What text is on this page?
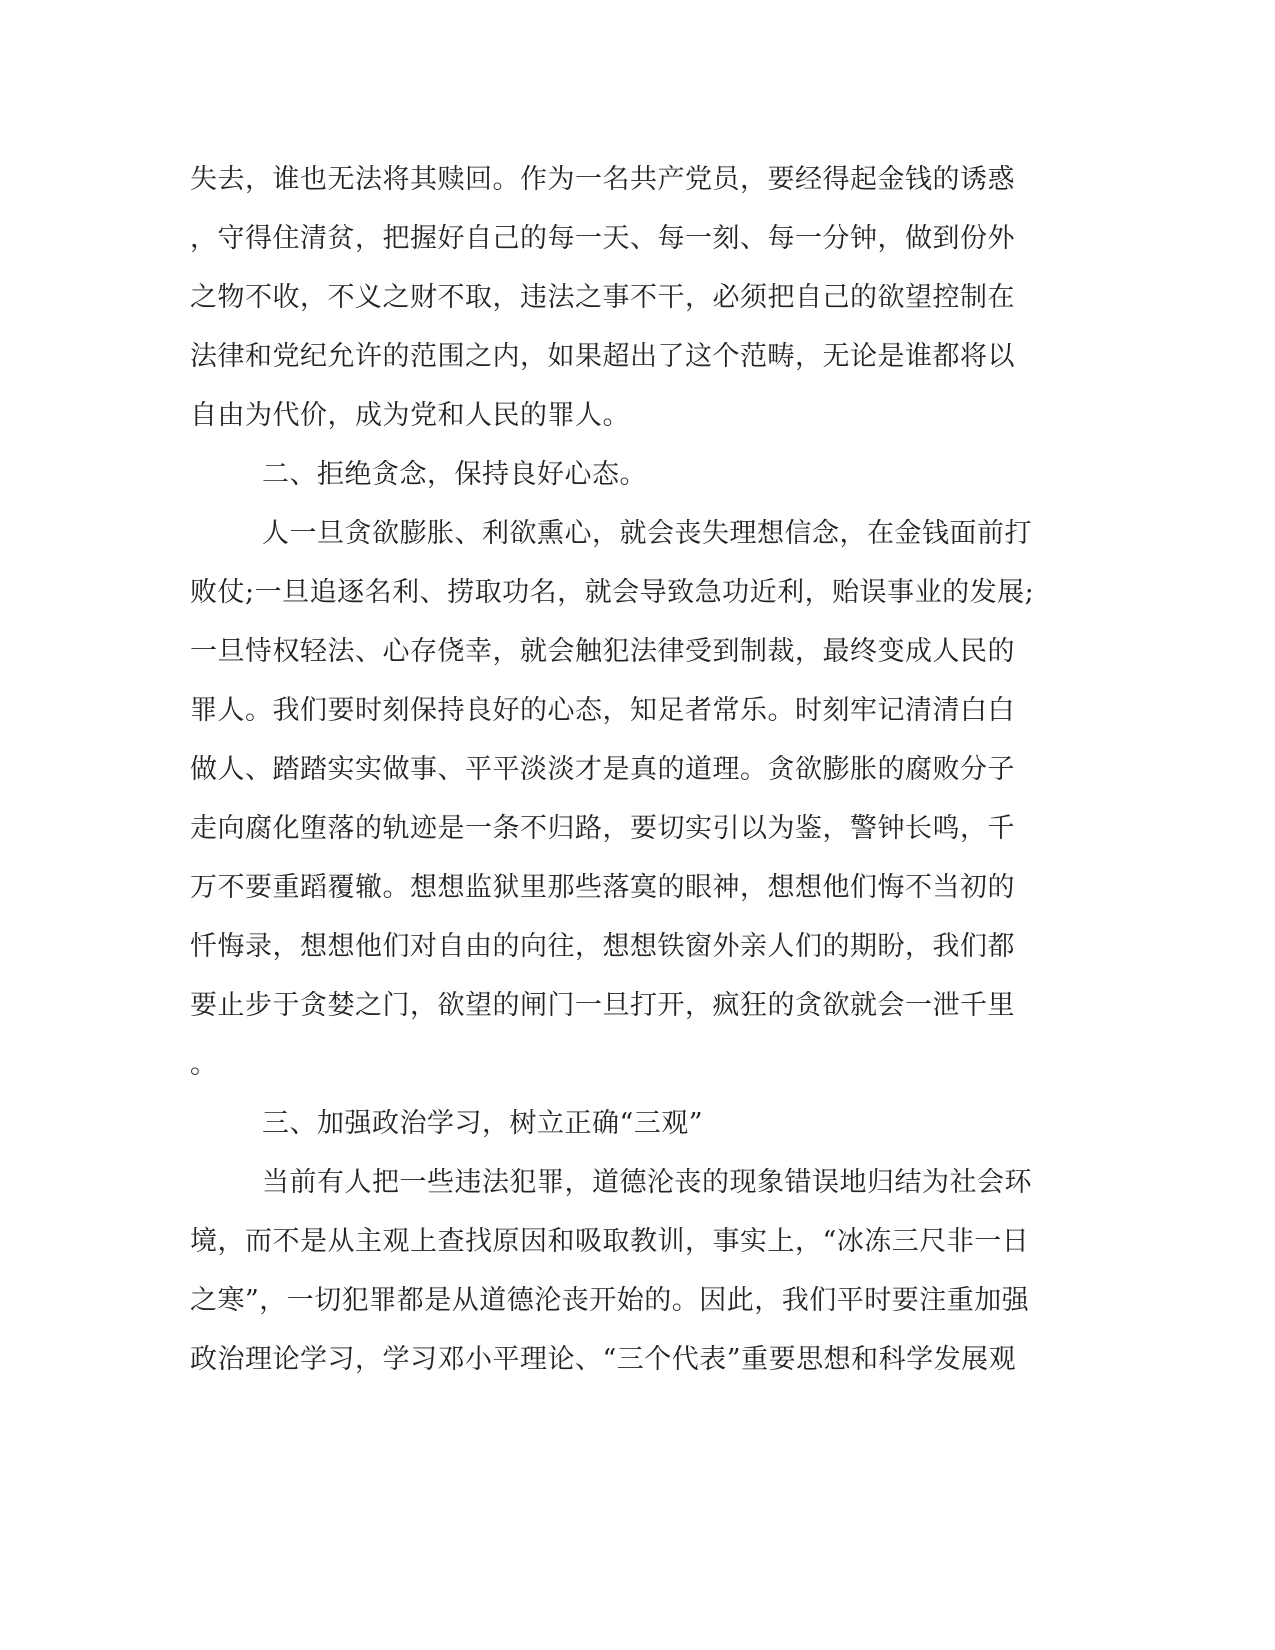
失去，谁也无法将其赎回。作为一名共产党员，要经得起金钱的诱惑
，守得住清贫，把握好自己的每一天、每一刻、每一分钟，做到份外
之物不收，不义之财不取，违法之事不干，必须把自己的欲望控制在
法律和党纪允许的范围之内，如果超出了这个范畴，无论是谁都将以
自由为代价，成为党和人民的罪人。
二、拒绝贪念，保持良好心态。
人一旦贪欲膨胀、利欲熏心，就会丧失理想信念，在金钱面前打
败仗;一旦追逐名利、捞取功名，就会导致急功近利，贻误事业的发展;
一旦恃权轻法、心存侥幸，就会触犯法律受到制裁，最终变成人民的
罪人。我们要时刻保持良好的心态，知足者常乐。时刻牢记清清白白
做人、踏踏实实做事、平平淡淡才是真的道理。贪欲膨胀的腐败分子
走向腐化堕落的轨迹是一条不归路，要切实引以为鉴，警钟长鸣，千
万不要重蹈覆辙。想想监狱里那些落寞的眼神，想想他们悔不当初的
忏悔录，想想他们对自由的向往，想想铁窗外亲人们的期盼，我们都
要止步于贪婪之门，欲望的闸门一旦打开，疯狂的贪欲就会一泄千里
。
三、加强政治学习，树立正确“三观”
当前有人把一些违法犯罪，道德沦丧的现象错误地归结为社会环
境，而不是从主观上查找原因和吸取教训，事实上，“冰冻三尺非一日
之寒”，一切犯罪都是从道德沦丧开始的。因此，我们平时要注重加强
政治理论学习，学习邓小平理论、“三个代表”重要思想和科学发展观
